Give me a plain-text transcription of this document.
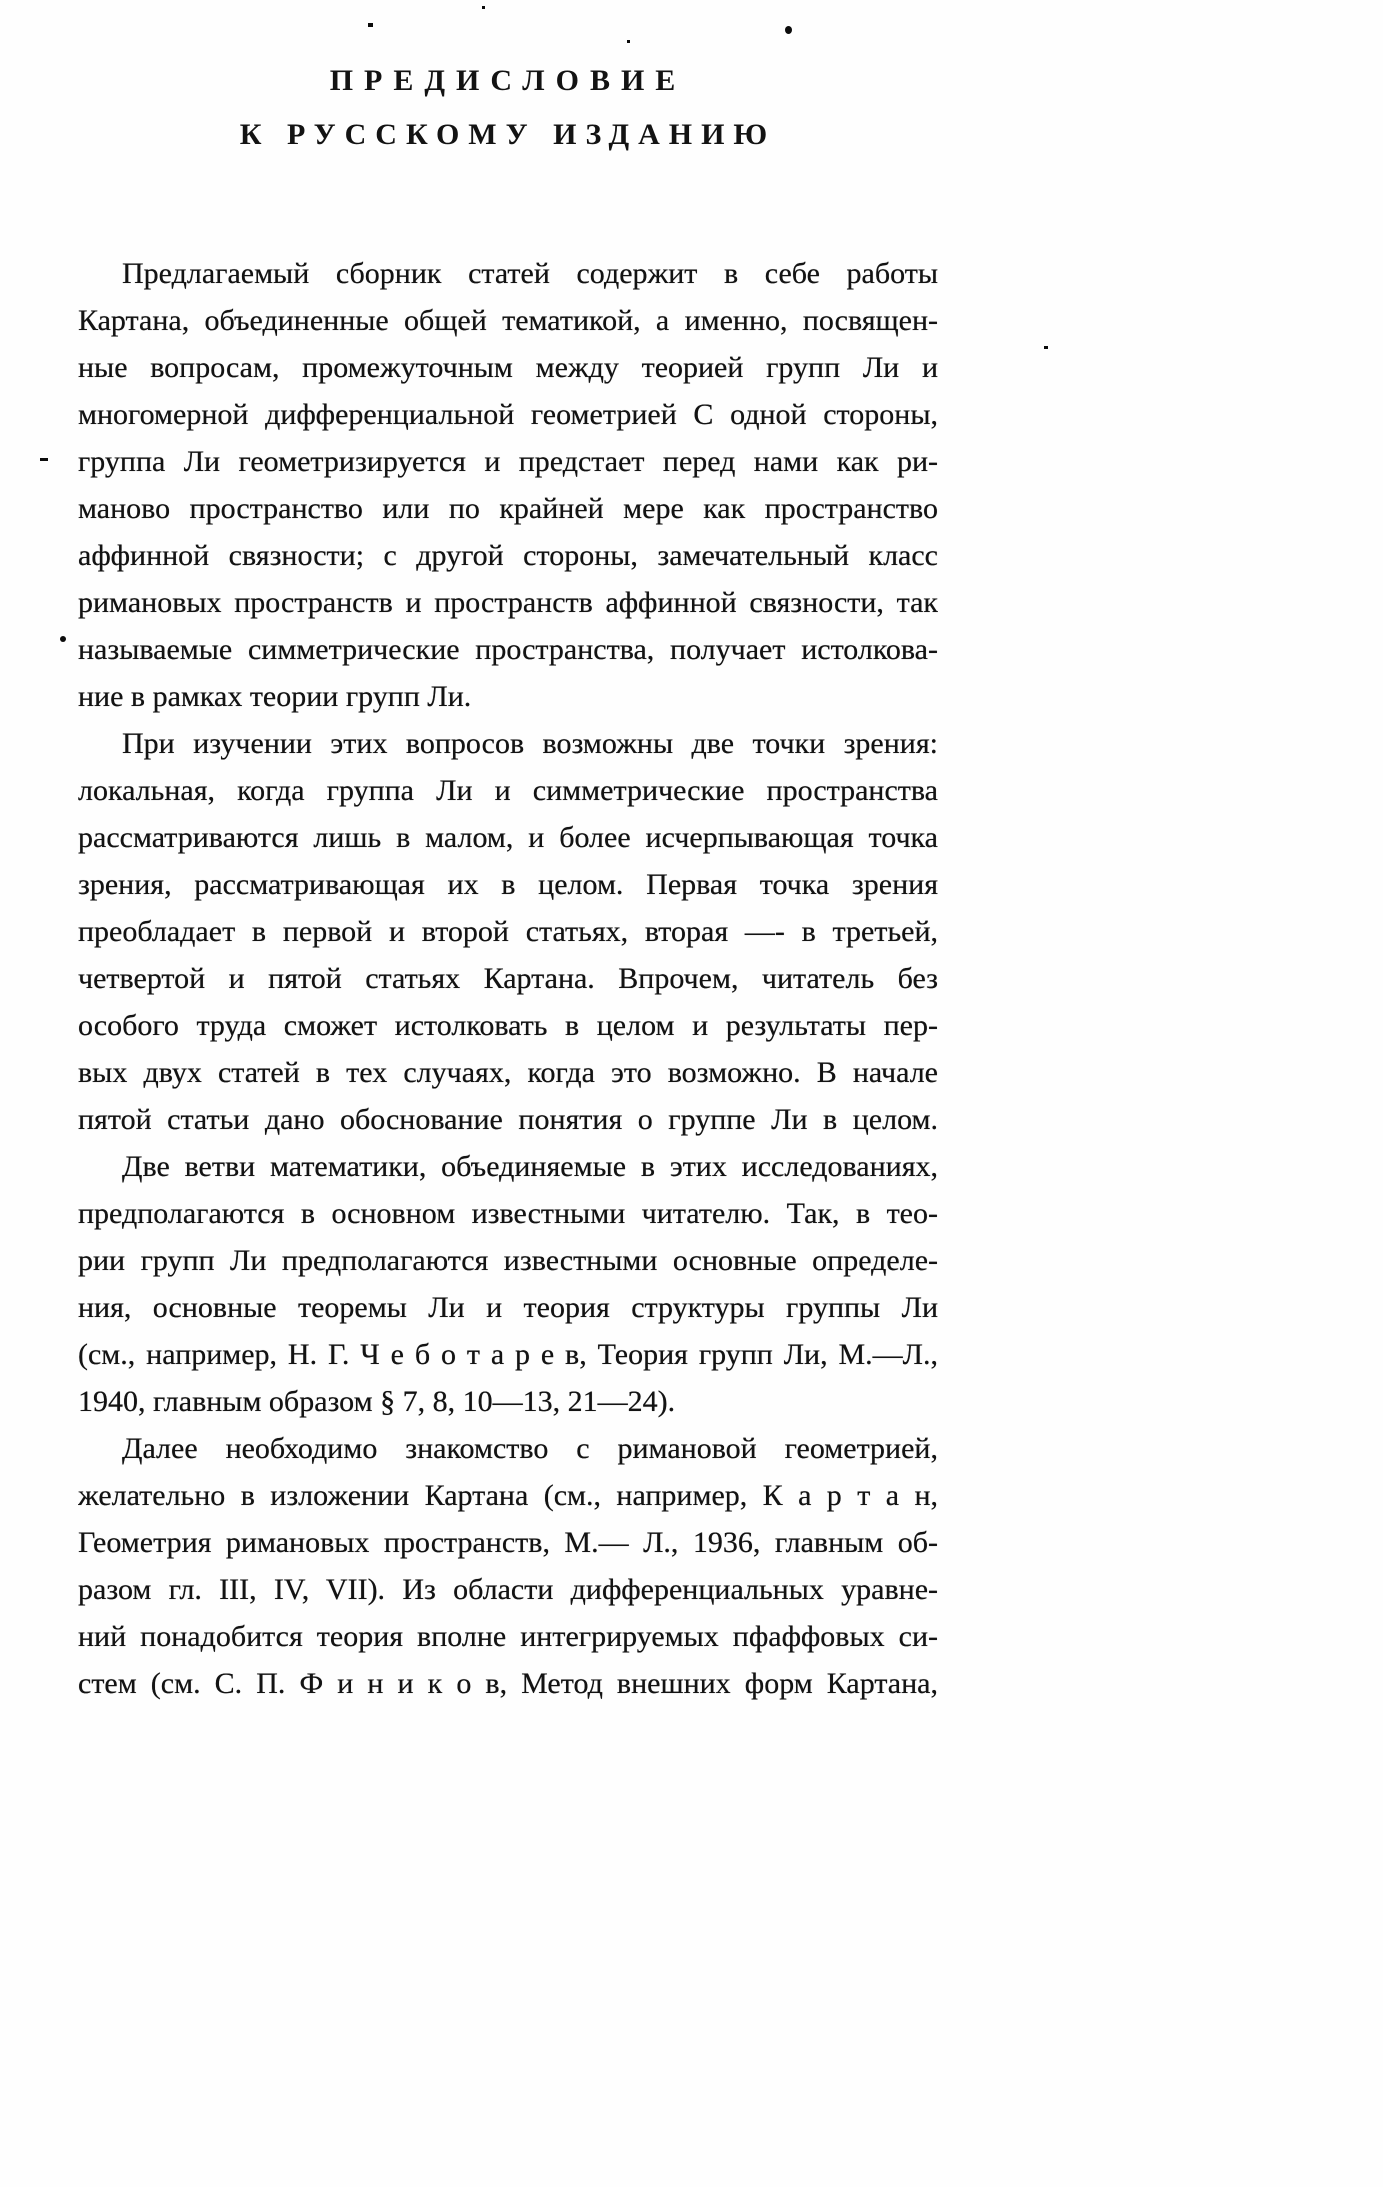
ПРЕДИСЛОВИЕ
К РУССКОМУ ИЗДАНИЮ
Предлагаемый сборник статей содержит в себе работы
Картана, объединенные общей тематикой, а именно, посвящен-
ные вопросам, промежуточным между теорией групп Ли и
многомерной дифференциальной геометрией С одной стороны,
группа Ли геометризируется и предстает перед нами как ри-
маново пространство или по крайней мере как пространство
аффинной связности; с другой стороны, замечательный класс
римановых пространств и пространств аффинной связности, так
называемые симметрические пространства, получает истолкова-
ние в рамках теории групп Ли.
При изучении этих вопросов возможны две точки зрения:
локальная, когда группа Ли и симметрические пространства
рассматриваются лишь в малом, и более исчерпывающая точка
зрения, рассматривающая их в целом. Первая точка зрения
преобладает в первой и второй статьях, вторая —- в третьей,
четвертой и пятой статьях Картана. Впрочем, читатель без
особого труда сможет истолковать в целом и результаты пер-
вых двух статей в тех случаях, когда это возможно. В начале
пятой статьи дано обоснование понятия о группе Ли в целом.
Две ветви математики, объединяемые в этих исследованиях,
предполагаются в основном известными читателю. Так, в тео-
рии групп Ли предполагаются известными основные определе-
ния, основные теоремы Ли и теория структуры группы Ли
(см., например, Н. Г. Ч е б о т а р е в, Теория групп Ли, М.—Л.,
1940, главным образом § 7, 8, 10—13, 21—24).
Далее необходимо знакомство с римановой геометрией,
желательно в изложении Картана (см., например, К а р т а н,
Геометрия римановых пространств, М.— Л., 1936, главным об-
разом гл. III, IV, VII). Из области дифференциальных уравне-
ний понадобится теория вполне интегрируемых пфаффовых си-
стем (см. С. П. Ф и н и к о в, Метод внешних форм Картана,
